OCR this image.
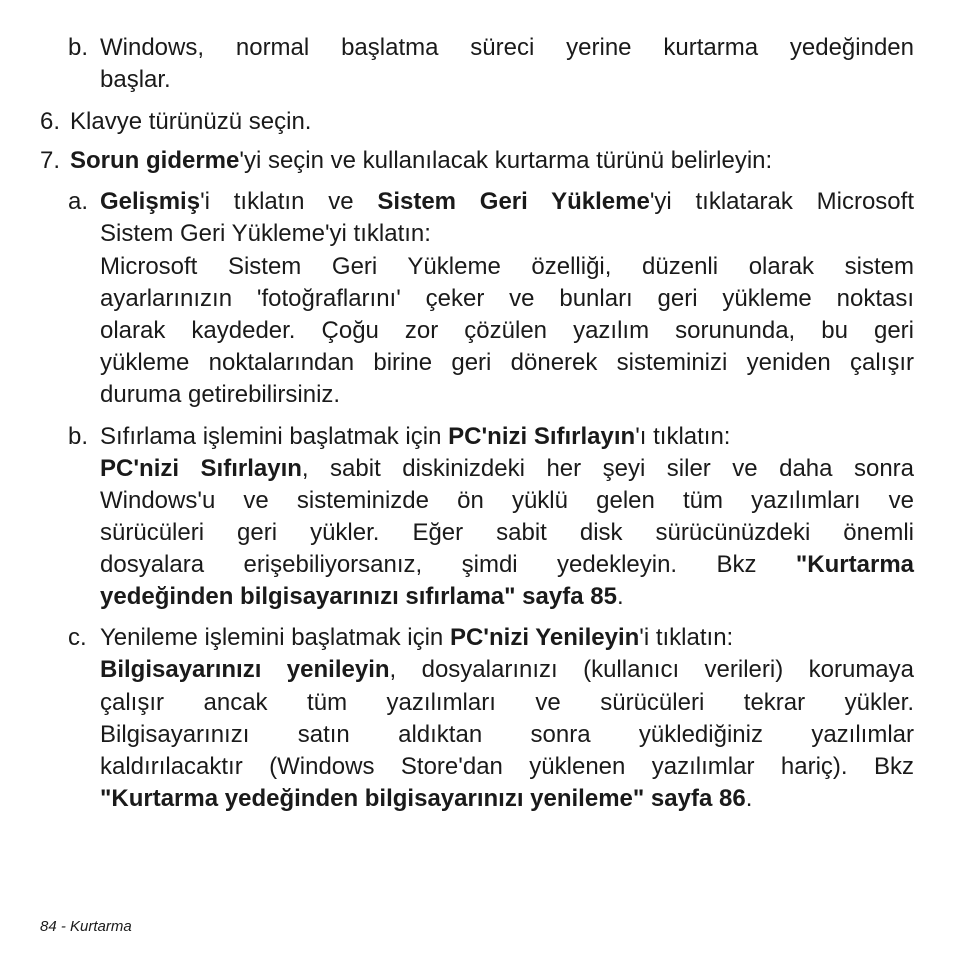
b. Windows, normal başlatma süreci yerine kurtarma yedeğinden
başlar.
6. Klavye türünüzü seçin.
7. Sorun giderme'yi seçin ve kullanılacak kurtarma türünü belirleyin:
a. Gelişmiş'i tıklatın ve Sistem Geri Yükleme'yi tıklatarak Microsoft
Sistem Geri Yükleme'yi tıklatın:
Microsoft Sistem Geri Yükleme özelliği, düzenli olarak sistem
ayarlarınızın 'fotoğraflarını' çeker ve bunları geri yükleme noktası
olarak kaydeder. Çoğu zor çözülen yazılım sorununda, bu geri
yükleme noktalarından birine geri dönerek sisteminizi yeniden çalışır
duruma getirebilirsiniz.
b. Sıfırlama işlemini başlatmak için PC'nizi Sıfırlayın'ı tıklatın:
PC'nizi Sıfırlayın, sabit diskinizdeki her şeyi siler ve daha sonra
Windows'u ve sisteminizde ön yüklü gelen tüm yazılımları ve
sürücüleri geri yükler. Eğer sabit disk sürücünüzdeki önemli
dosyalara erişebiliyorsanız, şimdi yedekleyin. Bkz "Kurtarma
yedeğinden bilgisayarınızı sıfırlama" sayfa 85.
c. Yenileme işlemini başlatmak için PC'nizi Yenileyin'i tıklatın:
Bilgisayarınızı yenileyin, dosyalarınızı (kullanıcı verileri) korumaya
çalışır ancak tüm yazılımları ve sürücüleri tekrar yükler.
Bilgisayarınızı satın aldıktan sonra yüklediğiniz yazılımlar
kaldırılacaktır (Windows Store'dan yüklenen yazılımlar hariç). Bkz
"Kurtarma yedeğinden bilgisayarınızı yenileme" sayfa 86.
84 - Kurtarma
